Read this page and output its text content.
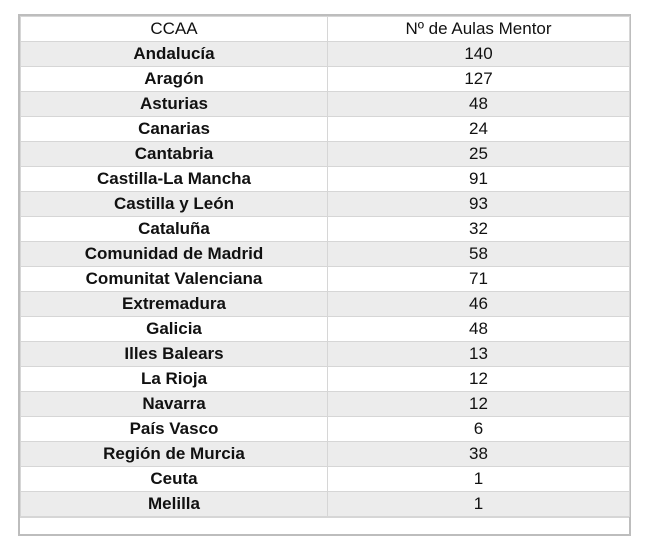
CCAA	Nº de Aulas Mentor
Andalucía	140
Aragón	127
Asturias	48
Canarias	24
Cantabria	25
Castilla-La Mancha	91
Castilla y León	93
Cataluña	32
Comunidad de Madrid	58
Comunitat Valenciana	71
Extremadura	46
Galicia	48
Illes Balears	13
La Rioja	12
Navarra	12
País Vasco	6
Región de Murcia	38
Ceuta	1
Melilla	1
